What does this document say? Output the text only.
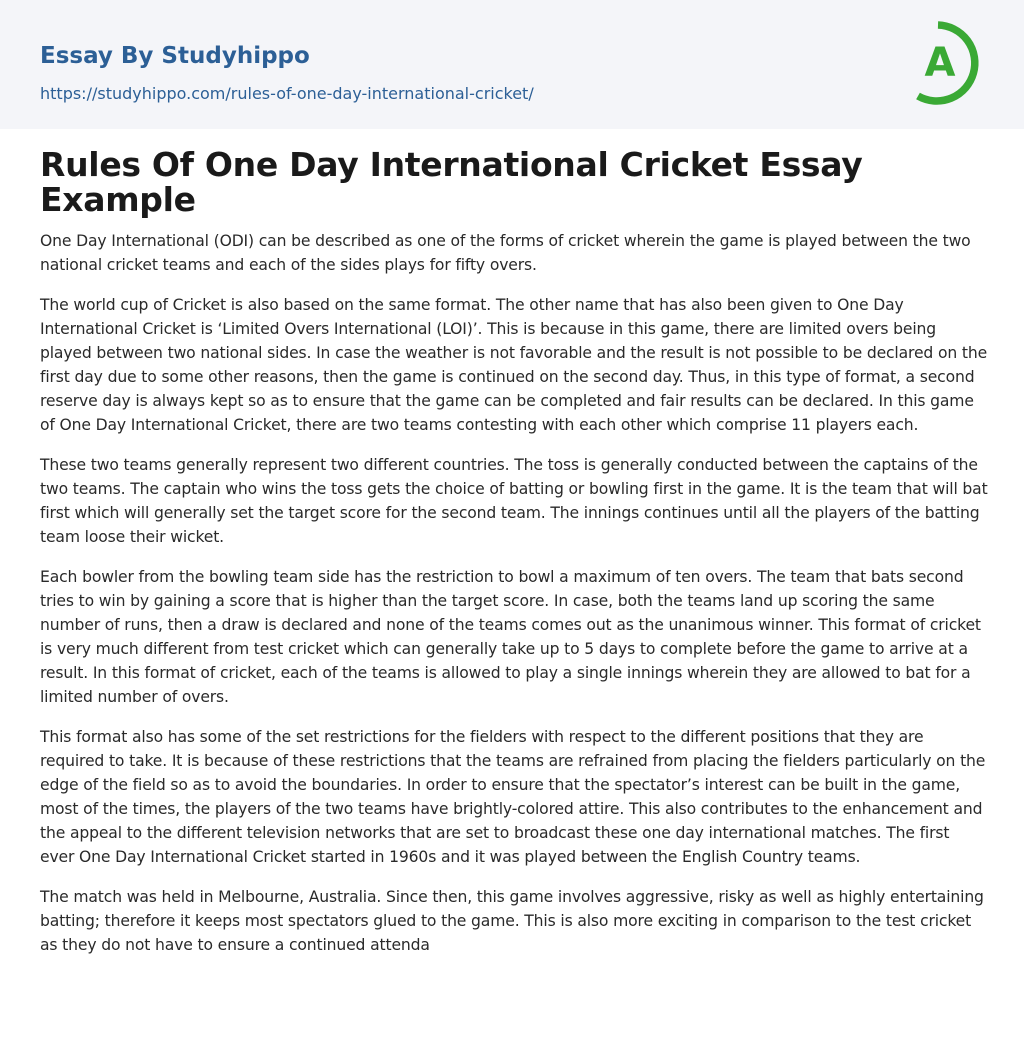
Essay By Studyhippo
https://studyhippo.com/rules-of-one-day-international-cricket/
A
Rules Of One Day International Cricket Essay Example

One Day International (ODI) can be described as one of the forms of cricket wherein the game is played between the two national cricket teams and each of the sides plays for fifty overs.

The world cup of Cricket is also based on the same format. The other name that has also been given to One Day International Cricket is ‘Limited Overs International (LOI)’. This is because in this game, there are limited overs being played between two national sides. In case the weather is not favorable and the result is not possible to be declared on the first day due to some other reasons, then the game is continued on the second day. Thus, in this type of format, a second reserve day is always kept so as to ensure that the game can be completed and fair results can be declared. In this game of One Day International Cricket, there are two teams contesting with each other which comprise 11 players each.

These two teams generally represent two different countries. The toss is generally conducted between the captains of the two teams. The captain who wins the toss gets the choice of batting or bowling first in the game. It is the team that will bat first which will generally set the target score for the second team. The innings continues until all the players of the batting team loose their wicket.

Each bowler from the bowling team side has the restriction to bowl a maximum of ten overs. The team that bats second tries to win by gaining a score that is higher than the target score. In case, both the teams land up scoring the same number of runs, then a draw is declared and none of the teams comes out as the unanimous winner. This format of cricket is very much different from test cricket which can generally take up to 5 days to complete before the game to arrive at a result. In this format of cricket, each of the teams is allowed to play a single innings wherein they are allowed to bat for a limited number of overs.

This format also has some of the set restrictions for the fielders with respect to the different positions that they are required to take. It is because of these restrictions that the teams are refrained from placing the fielders particularly on the edge of the field so as to avoid the boundaries. In order to ensure that the spectator’s interest can be built in the game, most of the times, the players of the two teams have brightly-colored attire. This also contributes to the enhancement and the appeal to the different television networks that are set to broadcast these one day international matches. The first ever One Day International Cricket started in 1960s and it was played between the English Country teams.

The match was held in Melbourne, Australia. Since then, this game involves aggressive, risky as well as highly entertaining batting; therefore it keeps most spectators glued to the game. This is also more exciting in comparison to the test cricket as they do not have to ensure a continued attenda
